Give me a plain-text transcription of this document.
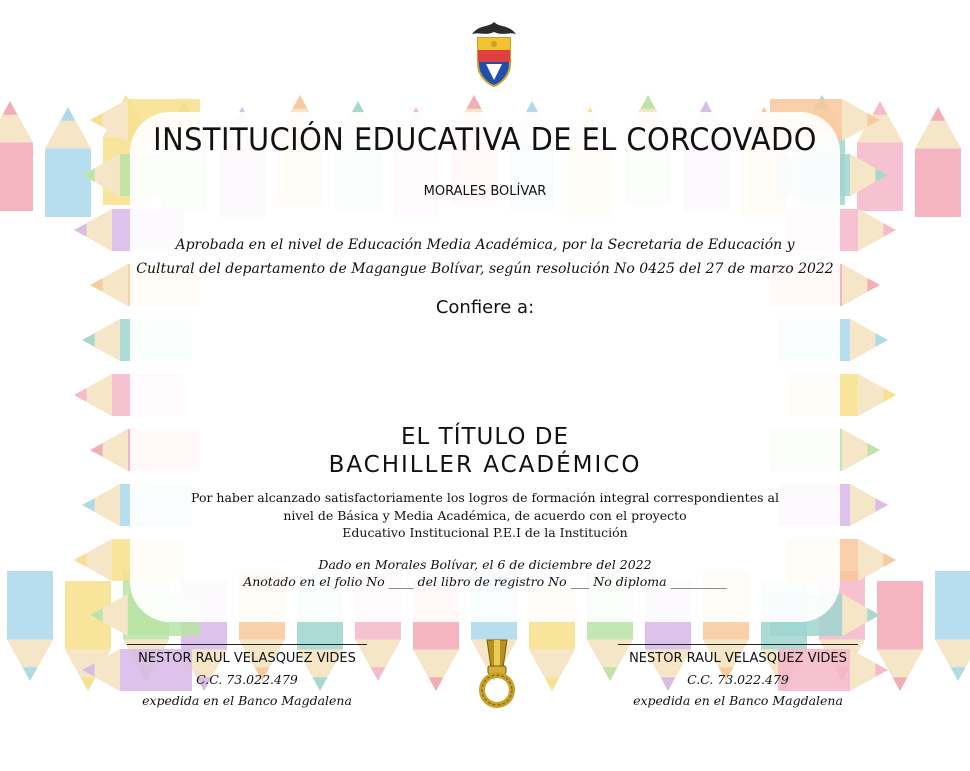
INSTITUCIÓN EDUCATIVA DE EL CORCOVADO
MORALES BOLÍVAR
Aprobada en el nivel de Educación Media Académica, por la Secretaria de Educación y
Cultural del departamento de Magangue Bolívar, según resolución No 0425 del 27 de marzo 2022
Confiere a:
EL TÍTULO DE
BACHILLER ACADÉMICO
Por haber alcanzado satisfactoriamente los logros de formación integral correspondientes al
nivel de Básica y Media Académica, de acuerdo con el proyecto
Educativo Institucional P.E.I de la Institución
Dado en Morales Bolívar, el 6 de diciembre del 2022
Anotado en el folio No ____ del libro de registro No ___ No diploma _________
NESTOR RAUL VELASQUEZ VIDES
C.C. 73.022.479
expedida en el Banco Magdalena
NESTOR RAUL VELASQUEZ VIDES
C.C. 73.022.479
expedida en el Banco Magdalena
